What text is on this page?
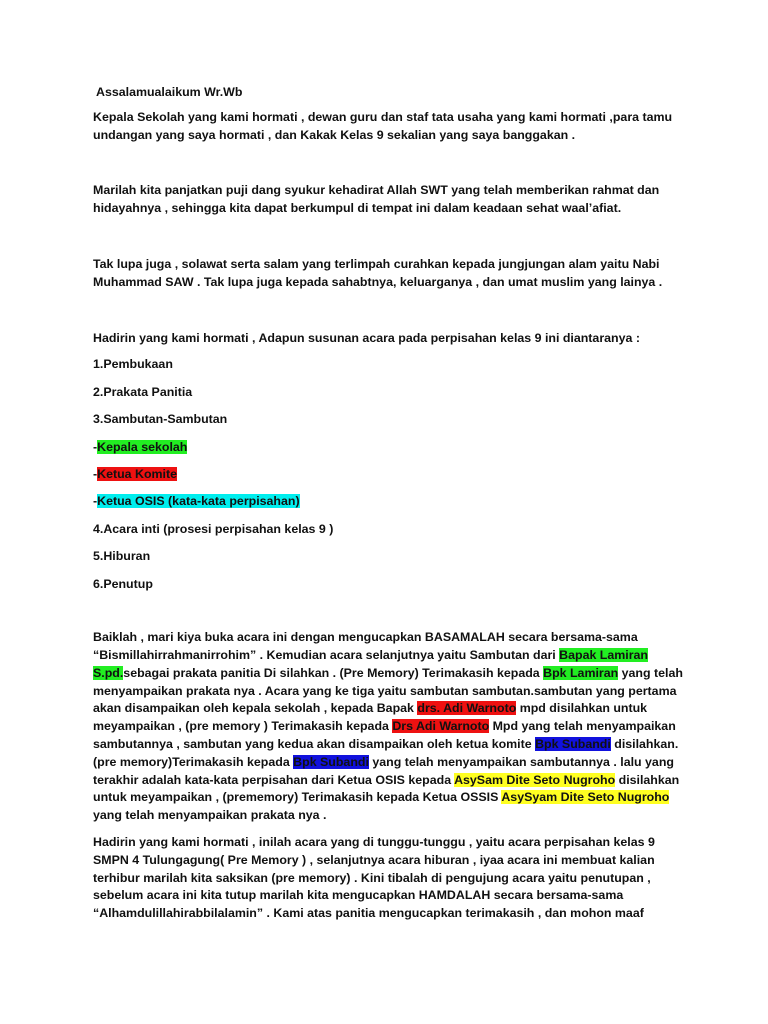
Assalamualaikum Wr.Wb

Kepala Sekolah yang kami hormati , dewan guru dan staf tata usaha yang kami hormati ,para tamu undangan yang saya hormati , dan Kakak Kelas 9 sekalian yang saya banggakan .

Marilah kita panjatkan puji dang syukur kehadirat Allah SWT yang telah memberikan rahmat dan hidayahnya , sehingga kita dapat berkumpul di tempat ini dalam keadaan sehat waal’afiat.

Tak lupa juga , solawat serta salam yang terlimpah curahkan kepada jungjungan alam yaitu Nabi Muhammad SAW . Tak lupa juga kepada sahabtnya, keluarganya , dan umat muslim yang lainya .

Hadirin yang kami hormati , Adapun susunan acara pada perpisahan kelas 9 ini diantaranya :

1.Pembukaan

2.Prakata Panitia

3.Sambutan-Sambutan

-Kepala sekolah

-Ketua Komite

-Ketua OSIS (kata-kata perpisahan)

4.Acara inti (prosesi perpisahan kelas 9 )

5.Hiburan

6.Penutup

Baiklah , mari kiya buka acara ini dengan mengucapkan BASAMALAH secara bersama-sama “Bismillahirrahmanirrohim” . Kemudian acara selanjutnya yaitu Sambutan dari Bapak Lamiran S.pd.sebagai prakata panitia Di silahkan . (Pre Memory) Terimakasih kepada Bpk Lamiran yang telah menyampaikan prakata nya . Acara yang ke tiga yaitu sambutan sambutan.sambutan yang pertama akan disampaikan oleh kepala sekolah , kepada Bapak drs. Adi Warnoto mpd disilahkan untuk meyampaikan , (pre memory ) Terimakasih kepada Drs Adi Warnoto Mpd yang telah menyampaikan sambutannya , sambutan yang kedua akan disampaikan oleh ketua komite Bpk Subandi disilahkan. (pre memory)Terimakasih kepada Bpk Subandi yang telah menyampaikan sambutannya . lalu yang terakhir adalah kata-kata perpisahan dari Ketua OSIS kepada AsySam Dite Seto Nugroho disilahkan untuk meyampaikan , (prememory) Terimakasih kepada Ketua OSSIS AsySyam Dite Seto Nugroho yang telah menyampaikan prakata nya .

Hadirin yang kami hormati , inilah acara yang di tunggu-tunggu , yaitu acara perpisahan kelas 9 SMPN 4 Tulungagung( Pre Memory ) , selanjutnya acara hiburan , iyaa acara ini membuat kalian terhibur marilah kita saksikan (pre memory) . Kini tibalah di pengujung acara yaitu penutupan , sebelum acara ini kita tutup marilah kita mengucapkan HAMDALAH secara bersama-sama “Alhamdulillahirabbilalamin” . Kami atas panitia mengucapkan terimakasih , dan mohon maaf
